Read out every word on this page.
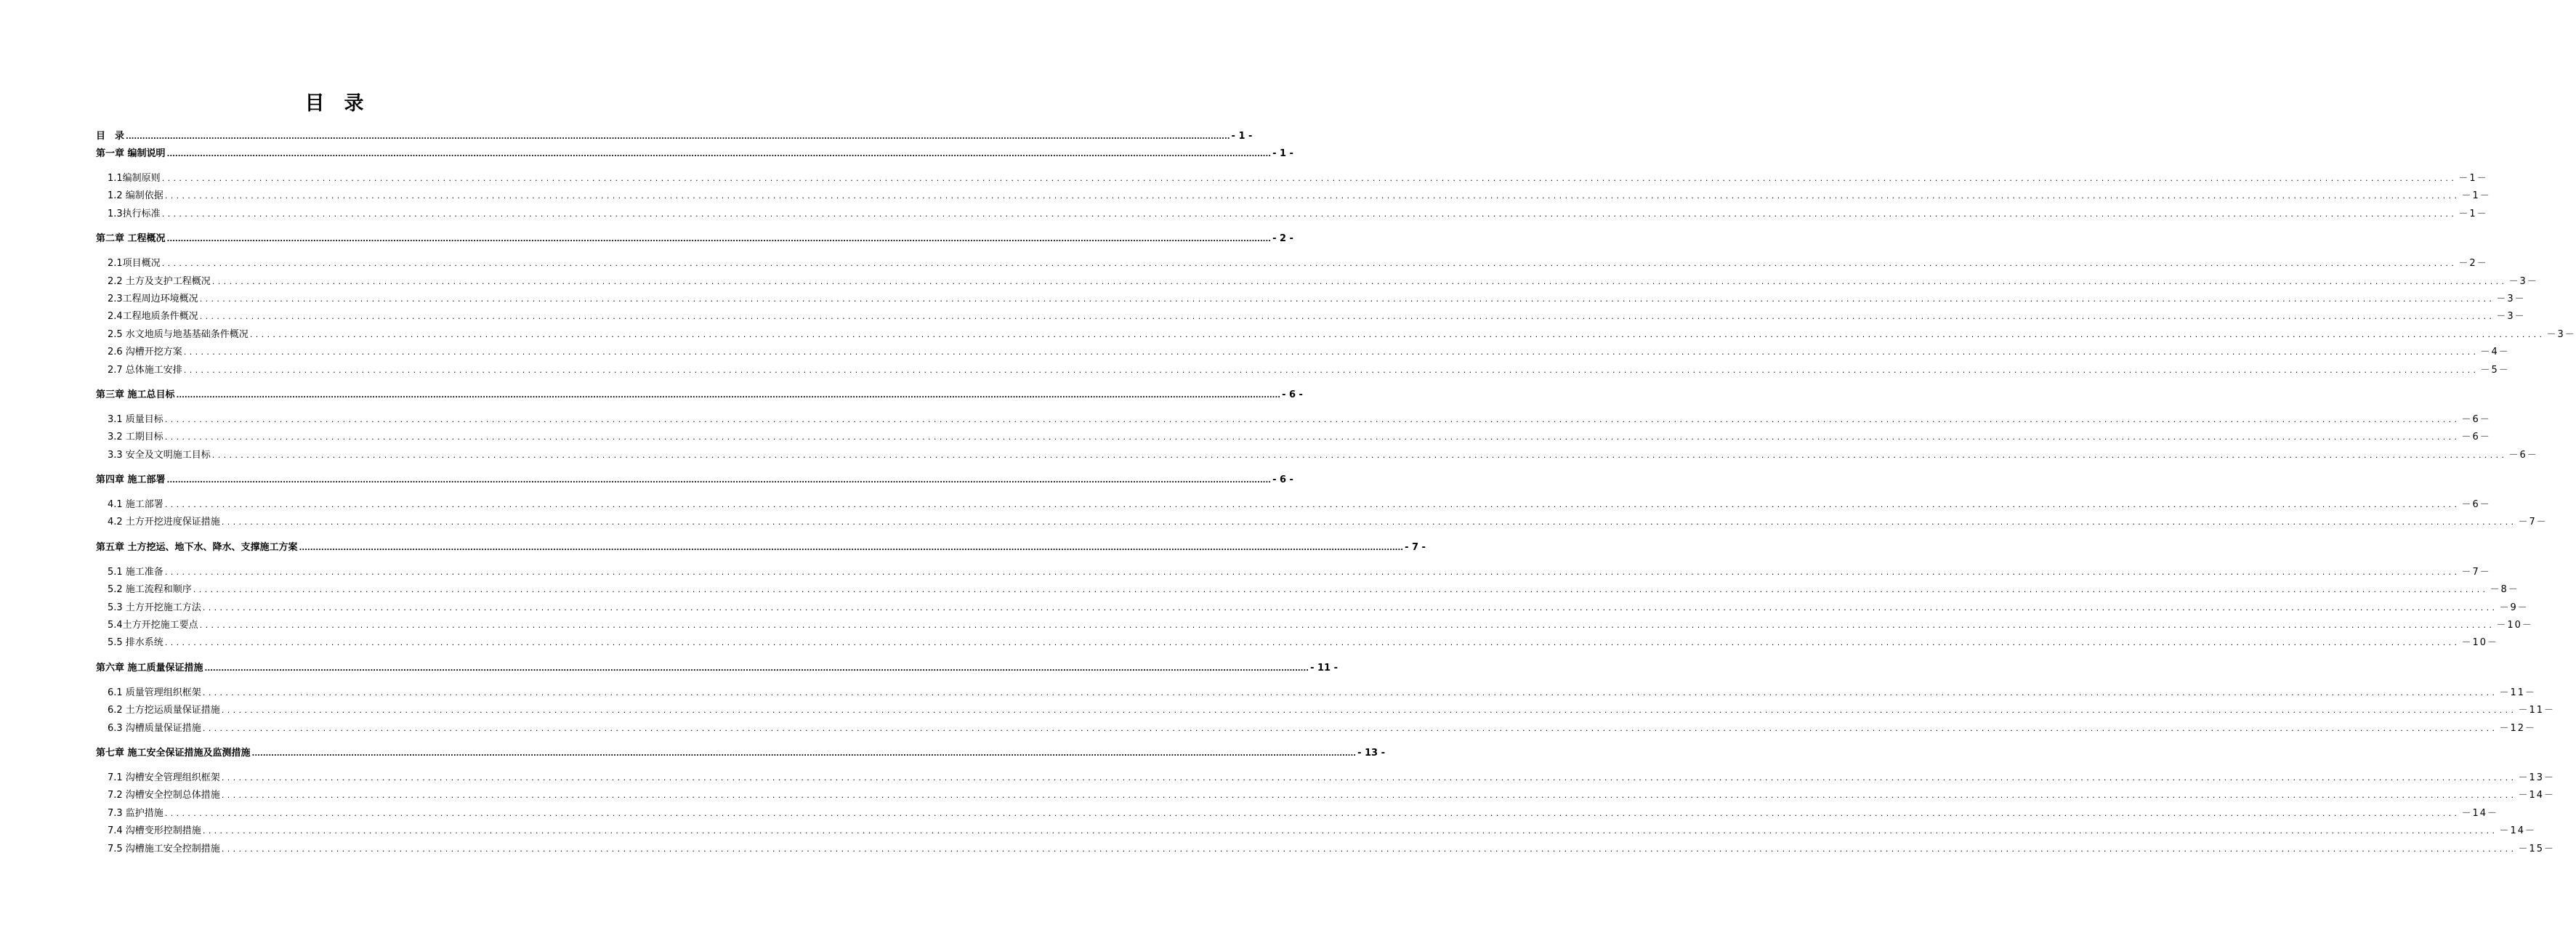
目　录
目　录 ................................................................................................................................................................................................................................................................................................................................................................................................................ - 1 -
第一章 编制说明 ................................................................................................................................................................................................................................................................................................................................................................................................................ - 1 -
1.1编制原则 ................................................................................................................................................................................................................................................................................................................................................................................................................ －1－
1.2 编制依据 ................................................................................................................................................................................................................................................................................................................................................................................................................ －1－
1.3执行标准 ................................................................................................................................................................................................................................................................................................................................................................................................................ －1－
第二章 工程概况 ................................................................................................................................................................................................................................................................................................................................................................................................................ - 2 -
2.1项目概况 ................................................................................................................................................................................................................................................................................................................................................................................................................ －2－
2.2 土方及支护工程概况 ................................................................................................................................................................................................................................................................................................................................................................................................................ －3－
2.3工程周边环境概况 ................................................................................................................................................................................................................................................................................................................................................................................................................ －3－
2.4工程地质条件概况 ................................................................................................................................................................................................................................................................................................................................................................................................................ －3－
2.5 水文地质与地基基础条件概况 ................................................................................................................................................................................................................................................................................................................................................................................................................ －3－
2.6 沟槽开挖方案 ................................................................................................................................................................................................................................................................................................................................................................................................................ －4－
2.7 总体施工安排 ................................................................................................................................................................................................................................................................................................................................................................................................................ －5－
第三章 施工总目标 ................................................................................................................................................................................................................................................................................................................................................................................................................ - 6 -
3.1 质量目标 ................................................................................................................................................................................................................................................................................................................................................................................................................ －6－
3.2 工期目标 ................................................................................................................................................................................................................................................................................................................................................................................................................ －6－
3.3 安全及文明施工目标 ................................................................................................................................................................................................................................................................................................................................................................................................................ －6－
第四章 施工部署 ................................................................................................................................................................................................................................................................................................................................................................................................................ - 6 -
4.1 施工部署 ................................................................................................................................................................................................................................................................................................................................................................................................................ －6－
4.2 土方开挖进度保证措施 ................................................................................................................................................................................................................................................................................................................................................................................................................ －7－
第五章 土方挖运、地下水、降水、支撑施工方案 ................................................................................................................................................................................................................................................................................................................................................................................................................ - 7 -
5.1 施工准备 ................................................................................................................................................................................................................................................................................................................................................................................................................ －7－
5.2 施工流程和顺序 ................................................................................................................................................................................................................................................................................................................................................................................................................ －8－
5.3 土方开挖施工方法 ................................................................................................................................................................................................................................................................................................................................................................................................................ －9－
5.4土方开挖施工要点 ................................................................................................................................................................................................................................................................................................................................................................................................................ －10－
5.5 排水系统 ................................................................................................................................................................................................................................................................................................................................................................................................................ －10－
第六章 施工质量保证措施 ................................................................................................................................................................................................................................................................................................................................................................................................................ - 11 -
6.1 质量管理组织框架 ................................................................................................................................................................................................................................................................................................................................................................................................................ －11－
6.2 土方挖运质量保证措施 ................................................................................................................................................................................................................................................................................................................................................................................................................ －11－
6.3 沟槽质量保证措施 ................................................................................................................................................................................................................................................................................................................................................................................................................ －12－
第七章 施工安全保证措施及监测措施 ................................................................................................................................................................................................................................................................................................................................................................................................................ - 13 -
7.1 沟槽安全管理组织框架 ................................................................................................................................................................................................................................................................................................................................................................................................................ －13－
7.2 沟槽安全控制总体措施 ................................................................................................................................................................................................................................................................................................................................................................................................................ －14－
7.3 监护措施 ................................................................................................................................................................................................................................................................................................................................................................................................................ －14－
7.4 沟槽变形控制措施 ................................................................................................................................................................................................................................................................................................................................................................................................................ －14－
7.5 沟槽施工安全控制措施 ................................................................................................................................................................................................................................................................................................................................................................................................................ －15－
